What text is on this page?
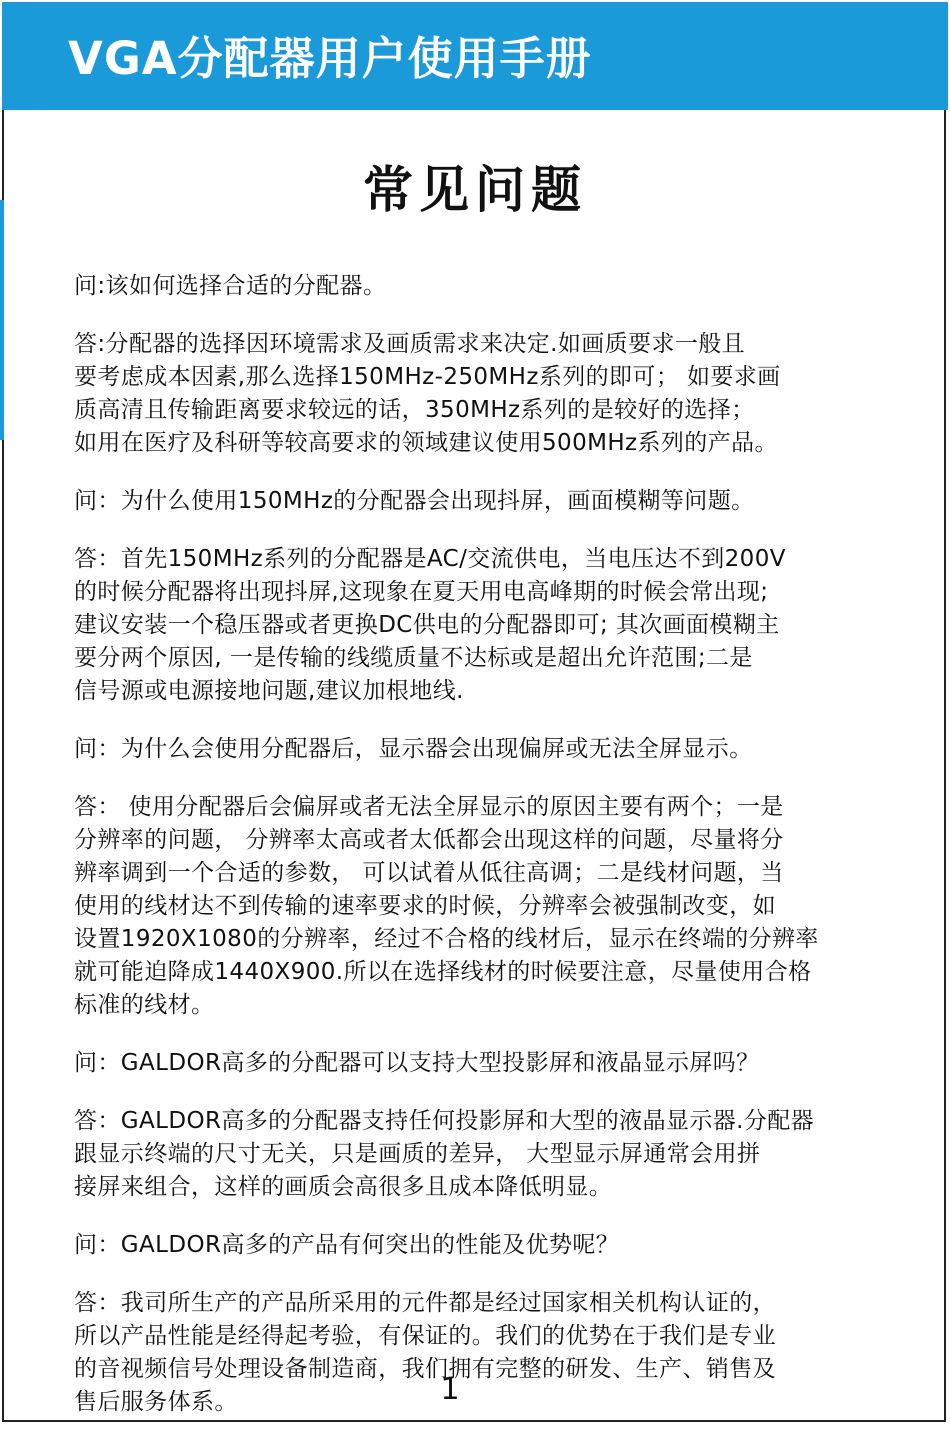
VGA分配器用户使用手册
常见问题
问:该如何选择合适的分配器。
答:分配器的选择因环境需求及画质需求来决定.如画质要求一般且
要考虑成本因素,那么选择150MHz-250MHz系列的即可； 如要求画
质高清且传输距离要求较远的话，350MHz系列的是较好的选择；
如用在医疗及科研等较高要求的领域建议使用500MHz系列的产品。
问：为什么使用150MHz的分配器会出现抖屏，画面模糊等问题。
答：首先150MHz系列的分配器是AC/交流供电，当电压达不到200V
的时候分配器将出现抖屏,这现象在夏天用电高峰期的时候会常出现;
建议安装一个稳压器或者更换DC供电的分配器即可; 其次画面模糊主
要分两个原因, 一是传输的线缆质量不达标或是超出允许范围;二是
信号源或电源接地问题,建议加根地线.
问：为什么会使用分配器后，显示器会出现偏屏或无法全屏显示。
答： 使用分配器后会偏屏或者无法全屏显示的原因主要有两个；一是
分辨率的问题， 分辨率太高或者太低都会出现这样的问题，尽量将分
辨率调到一个合适的参数， 可以试着从低往高调；二是线材问题，当
使用的线材达不到传输的速率要求的时候，分辨率会被强制改变，如
设置1920X1080的分辨率，经过不合格的线材后，显示在终端的分辨率
就可能迫降成1440X900.所以在选择线材的时候要注意，尽量使用合格
标准的线材。
问：GALDOR高多的分配器可以支持大型投影屏和液晶显示屏吗？
答：GALDOR高多的分配器支持任何投影屏和大型的液晶显示器.分配器
跟显示终端的尺寸无关，只是画质的差异， 大型显示屏通常会用拼
接屏来组合，这样的画质会高很多且成本降低明显。
问：GALDOR高多的产品有何突出的性能及优势呢？
答：我司所生产的产品所采用的元件都是经过国家相关机构认证的，
所以产品性能是经得起考验，有保证的。我们的优势在于我们是专业
的音视频信号处理设备制造商，我们拥有完整的研发、生产、销售及
售后服务体系。	1
